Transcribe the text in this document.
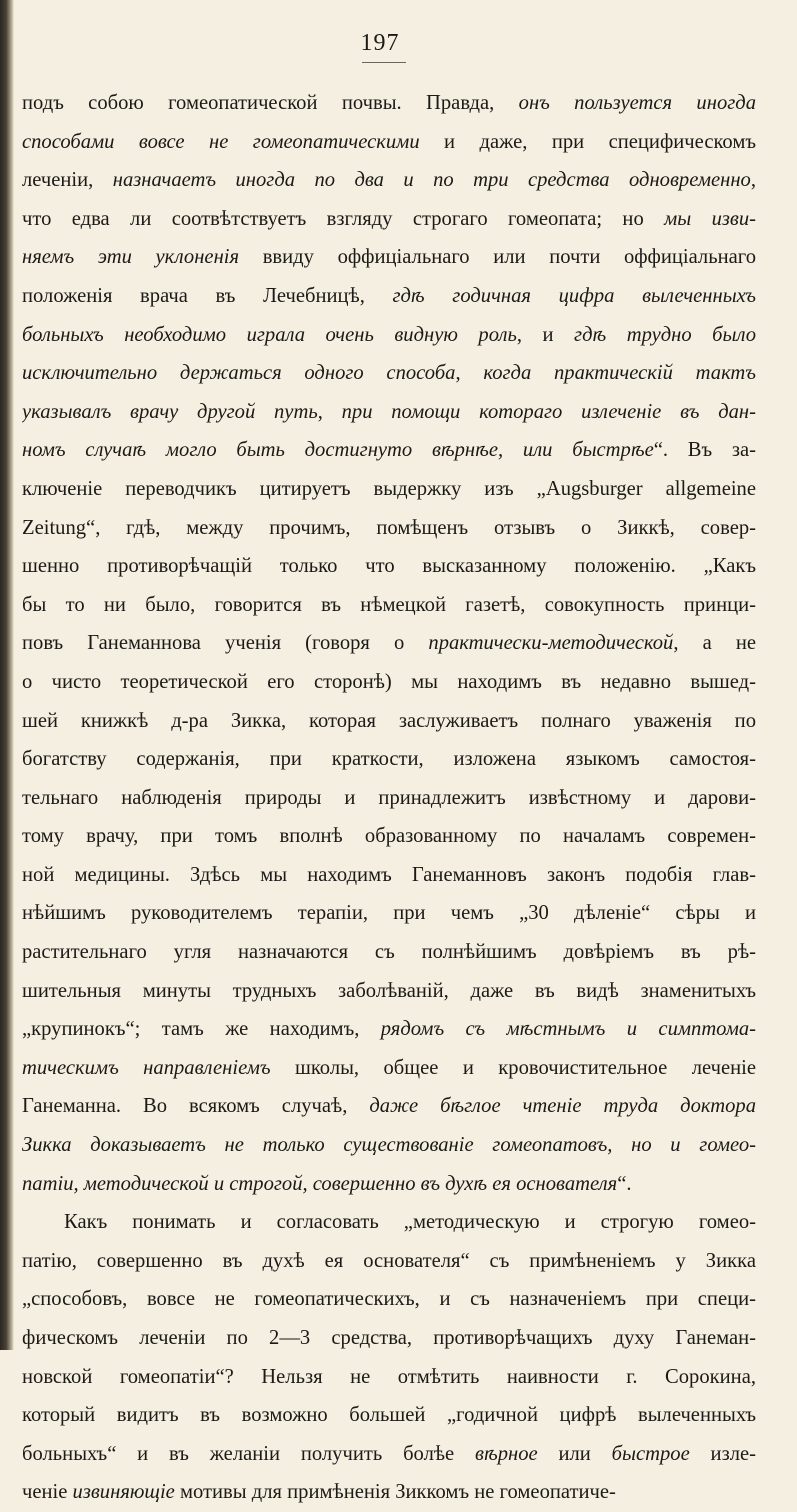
197
подъ собою гомеопатической почвы. Правда, онъ пользуется иногда
способами вовсе не гомеопатическими и даже, при специфическомъ
леченіи, назначаетъ иногда по два и по три средства одновременно,
что едва ли соотвѣтствуетъ взгляду строгаго гомеопата; но мы изви-
няемъ эти уклоненія ввиду оффиціальнаго или почти оффиціальнаго
положенія врача въ Лечебницѣ, гдѣ годичная цифра вылеченныхъ
больныхъ необходимо играла очень видную роль, и гдѣ трудно было
исключительно держаться одного способа, когда практическій тактъ
указывалъ врачу другой путь, при помощи котораго излеченіе въ дан-
номъ случаѣ могло быть достигнуто вѣрнѣе, или быстрѣе“. Въ за-
ключеніе переводчикъ цитируетъ выдержку изъ „Augsburger allgemeine
Zeitung“, гдѣ, между прочимъ, помѣщенъ отзывъ о Зиккѣ, совер-
шенно противорѣчащій только что высказанному положенію. „Какъ
бы то ни было, говорится въ нѣмецкой газетѣ, совокупность принци-
повъ Ганеманнова ученія (говоря о практически-методической, а не
о чисто теоретической его сторонѣ) мы находимъ въ недавно вышед-
шей книжкѣ д-ра Зикка, которая заслуживаетъ полнаго уваженія по
богатству содержанія, при краткости, изложена языкомъ самостоя-
тельнаго наблюденія природы и принадлежитъ извѣстному и дарови-
тому врачу, при томъ вполнѣ образованному по началамъ современ-
ной медицины. Здѣсь мы находимъ Ганеманновъ законъ подобія глав-
нѣйшимъ руководителемъ терапіи, при чемъ „30 дѣленіе“ сѣры и
растительнаго угля назначаются съ полнѣйшимъ довѣріемъ въ рѣ-
шительныя минуты трудныхъ заболѣваній, даже въ видѣ знаменитыхъ
„крупинокъ“; тамъ же находимъ, рядомъ съ мѣстнымъ и симптома-
тическимъ направленіемъ школы, общее и кровочистительное леченіе
Ганеманна. Во всякомъ случаѣ, даже бѣглое чтеніе труда доктора
Зикка доказываетъ не только существованіе гомеопатовъ, но и гомео-
патіи, методической и строгой, совершенно въ духѣ ея основателя“.
Какъ понимать и согласовать „методическую и строгую гомео-
патію, совершенно въ духѣ ея основателя“ съ примѣненіемъ у Зикка
„способовъ, вовсе не гомеопатическихъ, и съ назначеніемъ при специ-
фическомъ леченіи по 2—3 средства, противорѣчащихъ духу Ганеман-
новской гомеопатіи“? Нельзя не отмѣтить наивности г. Сорокина,
который видитъ въ возможно большей „годичной цифрѣ вылеченныхъ
больныхъ“ и въ желаніи получить болѣе вѣрное или быстрое изле-
ченіе извиняющіе мотивы для примѣненія Зиккомъ не гомеопатиче-
